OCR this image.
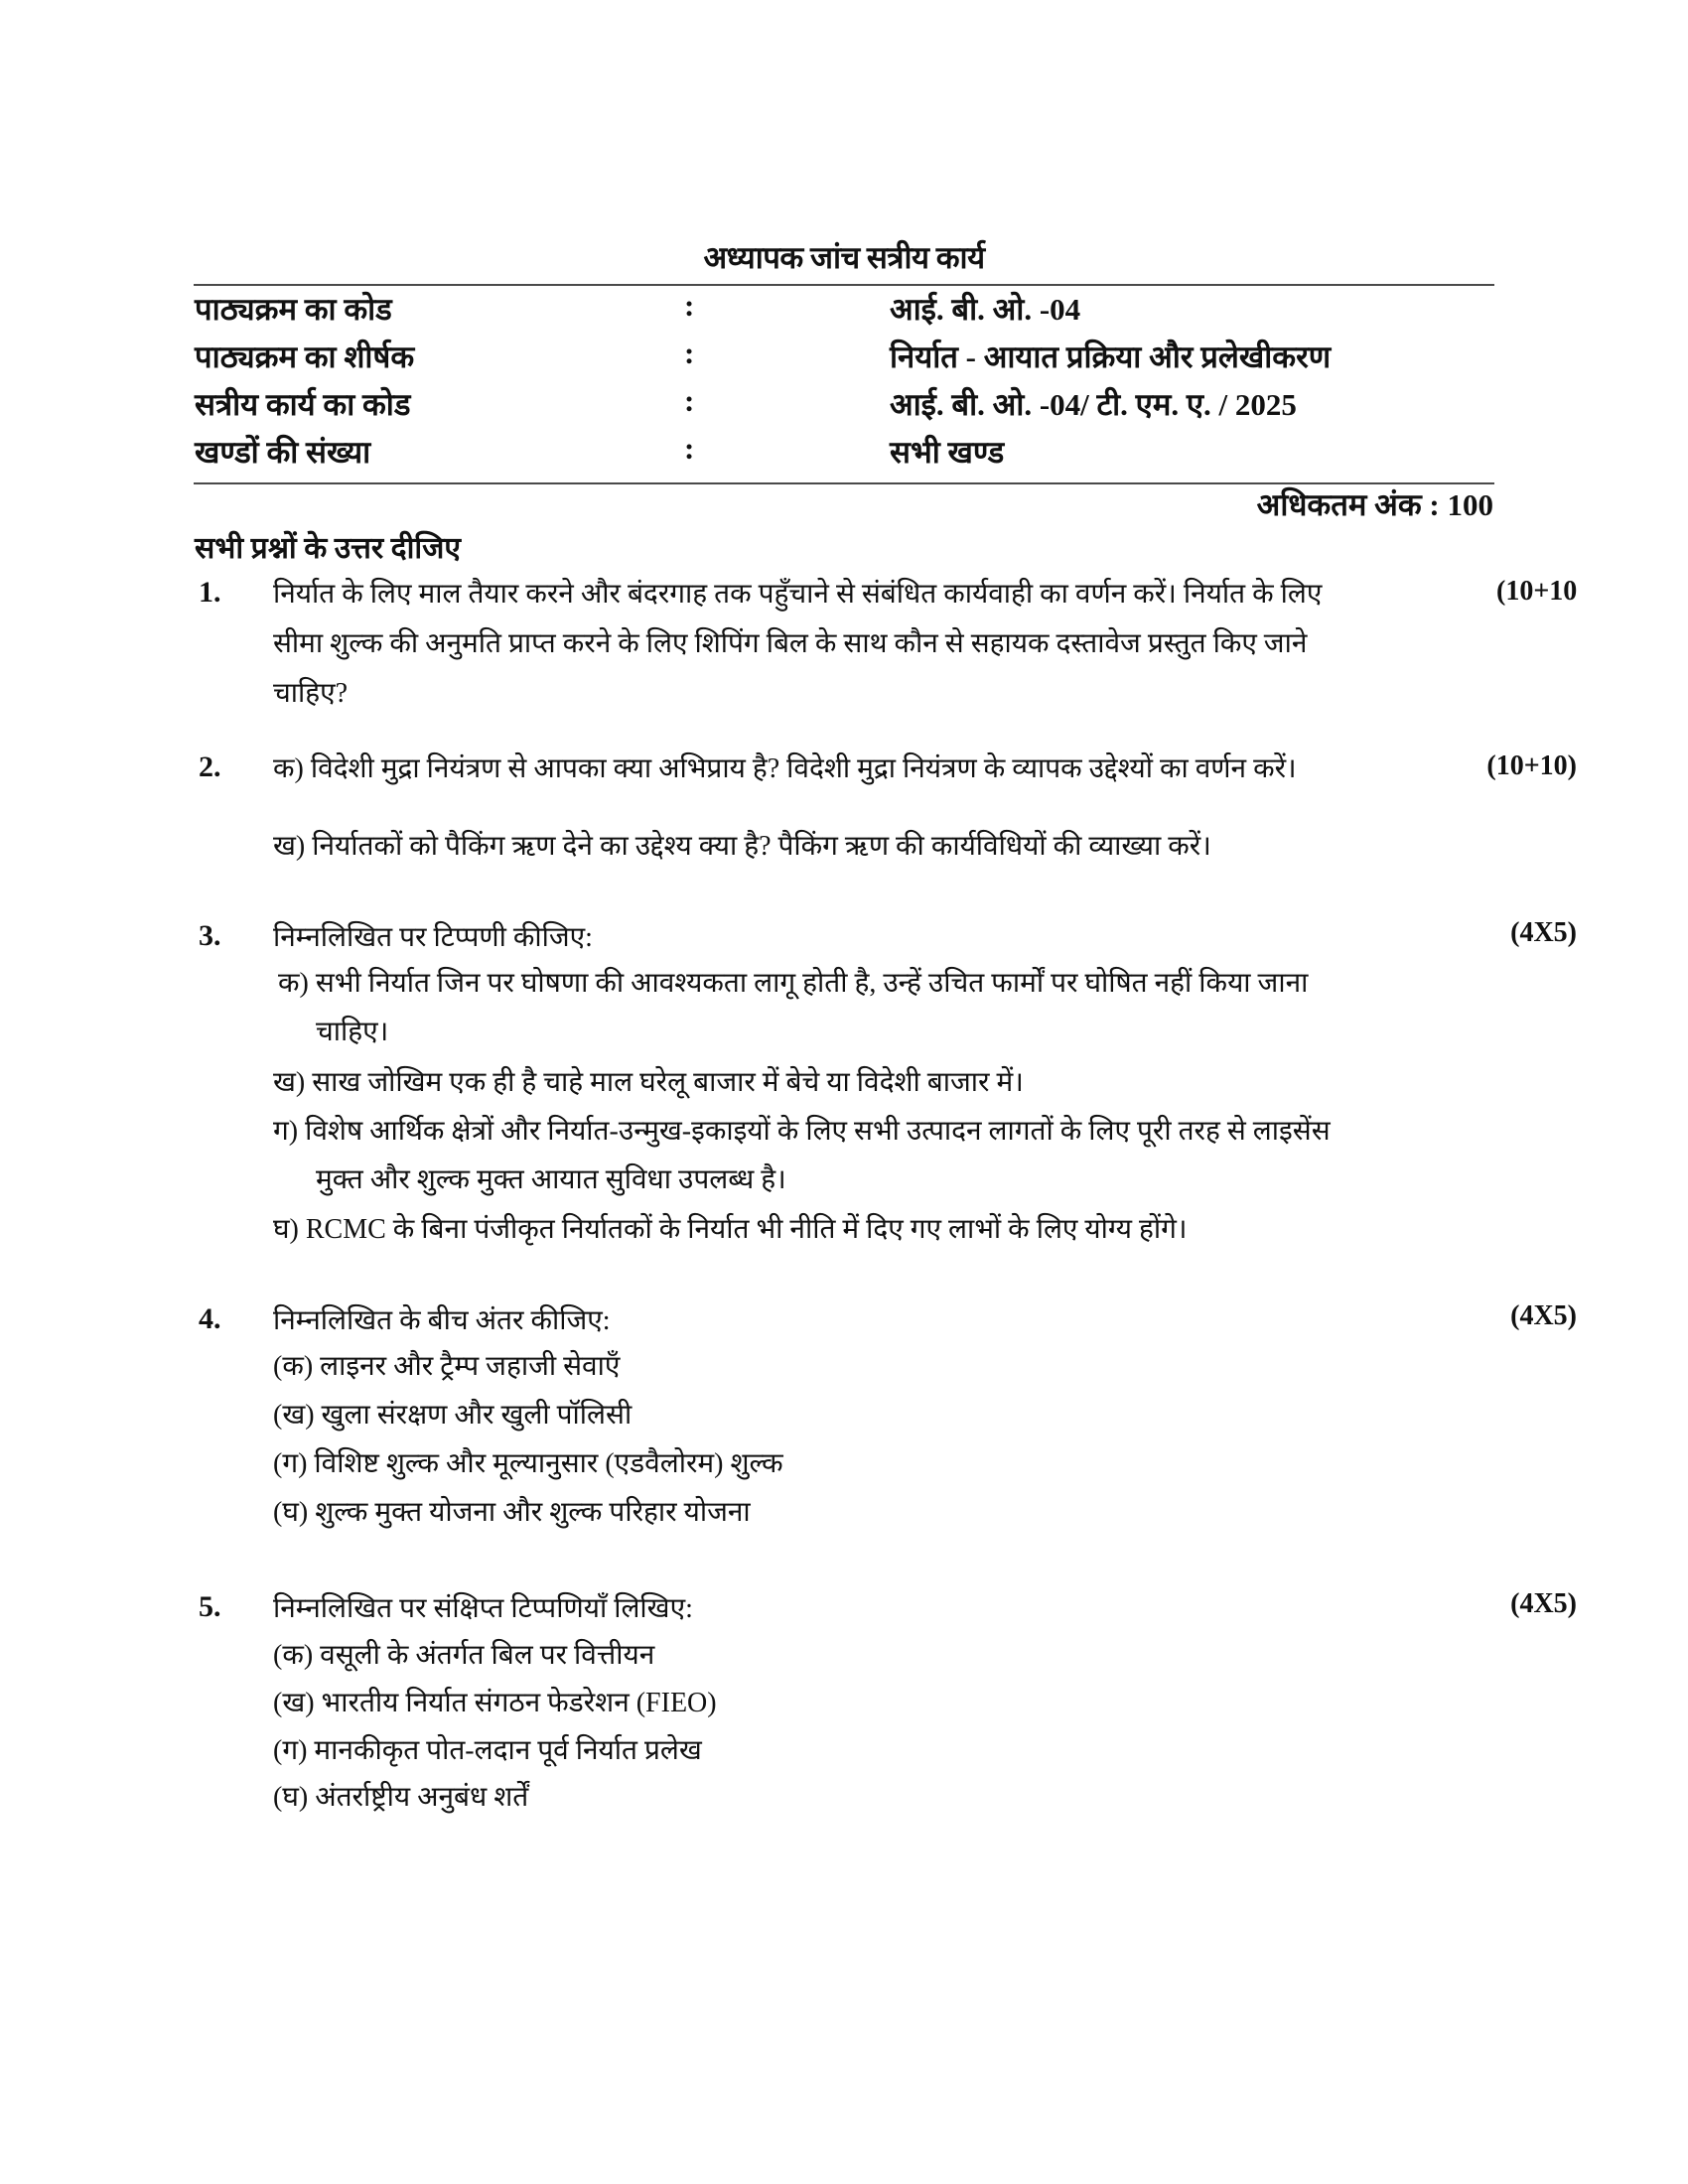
अध्यापक जांच सत्रीय कार्य
पाठ्यक्रम का कोड	:	आई. बी. ओ. -04
पाठ्यक्रम का शीर्षक	:	निर्यात - आयात प्रक्रिया और प्रलेखीकरण
सत्रीय कार्य का कोड	:	आई. बी. ओ. -04/ टी. एम. ए. / 2025
खण्डों की संख्या	:	सभी खण्ड
अधिकतम अंक : 100
सभी प्रश्नों के उत्तर दीजिए
1.	(10+10
निर्यात के लिए माल तैयार करने और बंदरगाह तक पहुँचाने से संबंधित कार्यवाही का वर्णन करें। निर्यात के लिए
सीमा शुल्क की अनुमति प्राप्त करने के लिए शिपिंग बिल के साथ कौन से सहायक दस्तावेज प्रस्तुत किए जाने
चाहिए?
2.	(10+10)
क) विदेशी मुद्रा नियंत्रण से आपका क्या अभिप्राय है? विदेशी मुद्रा नियंत्रण के व्यापक उद्देश्यों का वर्णन करें।
ख) निर्यातकों को पैकिंग ऋण देने का उद्देश्य क्या है? पैकिंग ऋण की कार्यविधियों की व्याख्या करें।
3.	(4X5)
निम्नलिखित पर टिप्पणी कीजिए:
क) सभी निर्यात जिन पर घोषणा की आवश्यकता लागू होती है, उन्हें उचित फार्मों पर घोषित नहीं किया जाना
चाहिए।
ख) साख जोखिम एक ही है चाहे माल घरेलू बाजार में बेचे या विदेशी बाजार में।
ग) विशेष आर्थिक क्षेत्रों और निर्यात-उन्मुख-इकाइयों के लिए सभी उत्पादन लागतों के लिए पूरी तरह से लाइसेंस
मुक्त और शुल्क मुक्त आयात सुविधा उपलब्ध है।
घ) RCMC के बिना पंजीकृत निर्यातकों के निर्यात भी नीति में दिए गए लाभों के लिए योग्य होंगे।
4.	(4X5)
निम्नलिखित के बीच अंतर कीजिए:
(क) लाइनर और ट्रैम्प जहाजी सेवाएँ
(ख) खुला संरक्षण और खुली पॉलिसी
(ग) विशिष्ट शुल्क और मूल्यानुसार (एडवैलोरम) शुल्क
(घ) शुल्क मुक्त योजना और शुल्क परिहार योजना
5.	(4X5)
निम्नलिखित पर संक्षिप्त टिप्पणियाँ लिखिए:
(क) वसूली के अंतर्गत बिल पर वित्तीयन
(ख) भारतीय निर्यात संगठन फेडरेशन (FIEO)
(ग) मानकीकृत पोत-लदान पूर्व निर्यात प्रलेख
(घ) अंतर्राष्ट्रीय अनुबंध शर्तें
